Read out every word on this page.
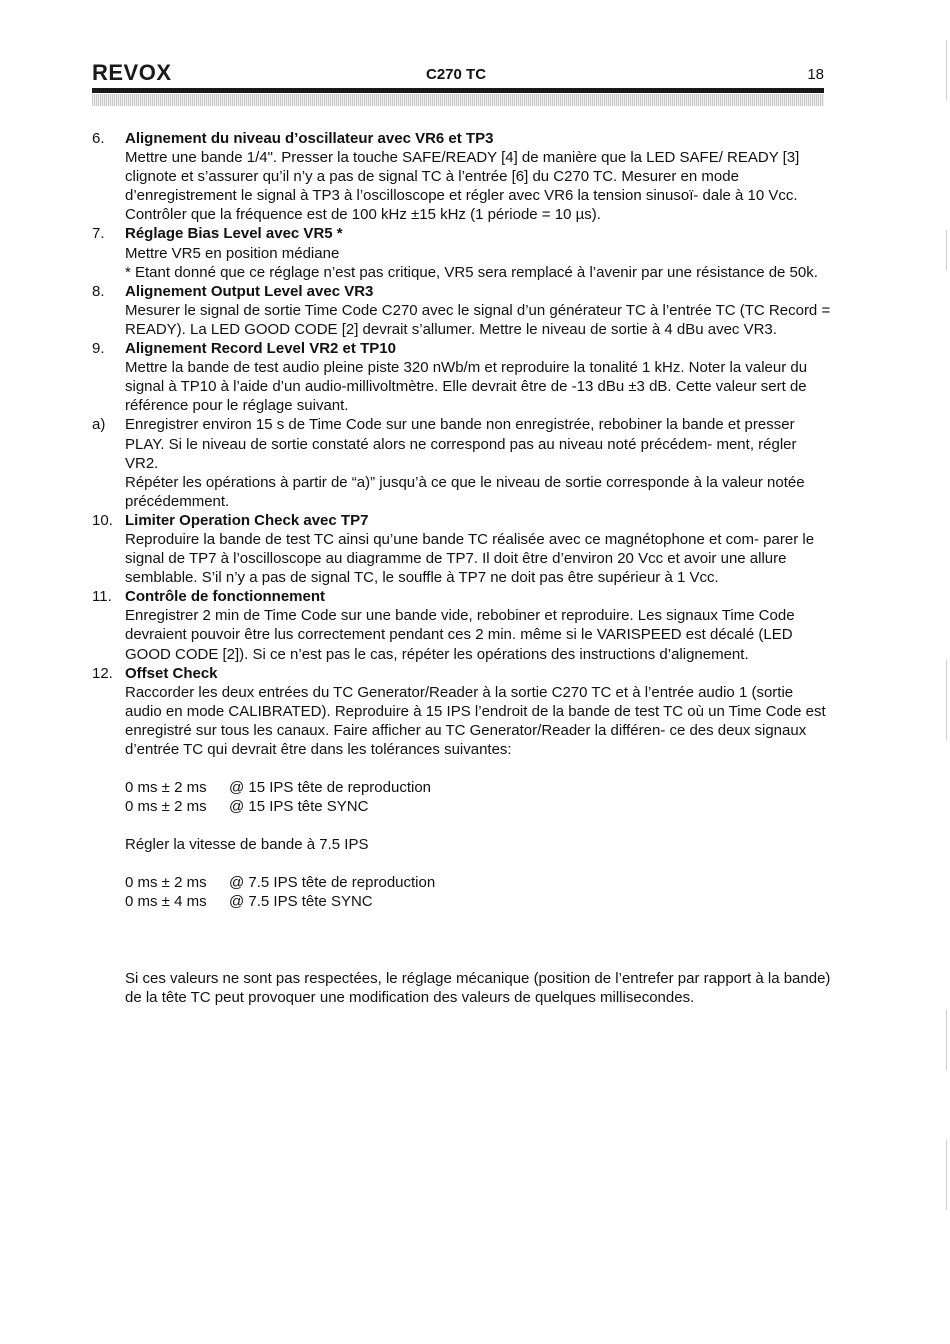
REVOX	C270 TC	18
6.	Alignement du niveau d’oscillateur avec VR6 et TP3

Mettre une bande 1/4". Presser la touche SAFE/READY [4] de manière que la LED SAFE/ READY [3] clignote et s’assurer qu’il n’y a pas de signal TC à l’entrée [6] du C270 TC. Mesurer en mode d’enregistrement le signal à TP3 à l’oscilloscope et régler avec VR6 la tension sinusoï- dale à 10 Vcc. Contrôler que la fréquence est de 100 kHz ±15 kHz (1 période = 10 µs).

7.	Réglage Bias Level avec VR5 *

Mettre VR5 en position médiane

* Etant donné que ce réglage n’est pas critique, VR5 sera remplacé à l’avenir par une résistance de 50k.

8.	Alignement Output Level avec VR3

Mesurer le signal de sortie Time Code C270 avec le signal d’un générateur TC à l’entrée TC (TC Record = READY). La LED GOOD CODE [2] devrait s’allumer. Mettre le niveau de sortie à 4 dBu avec VR3.

9.	Alignement Record Level VR2 et TP10

Mettre la bande de test audio pleine piste 320 nWb/m et reproduire la tonalité 1 kHz. Noter la valeur du signal à TP10 à l’aide d’un audio-millivoltmètre. Elle devrait être de -13 dBu ±3 dB. Cette valeur sert de référence pour le réglage suivant.

a)	Enregistrer environ 15 s de Time Code sur une bande non enregistrée, rebobiner la bande et presser PLAY. Si le niveau de sortie constaté alors ne correspond pas au niveau noté précédem- ment, régler VR2.

Répéter les opérations à partir de “a)” jusqu’à ce que le niveau de sortie corresponde à la valeur notée précédemment.

10. Limiter Operation Check avec TP7

Reproduire la bande de test TC ainsi qu’une bande TC réalisée avec ce magnétophone et com- parer le signal de TP7 à l’oscilloscope au diagramme de TP7. Il doit être d’environ 20 Vcc et avoir une allure semblable. S’il n’y a pas de signal TC, le souffle à TP7 ne doit pas être supérieur à 1 Vcc.

11. Contrôle de fonctionnement

Enregistrer 2 min de Time Code sur une bande vide, rebobiner et reproduire. Les signaux Time Code devraient pouvoir être lus correctement pendant ces 2 min. même si le VARISPEED est décalé (LED GOOD CODE [2]). Si ce n’est pas le cas, répéter les opérations des instructions d’alignement.

12. Offset Check

Raccorder les deux entrées du TC Generator/Reader à la sortie C270 TC et à l’entrée audio 1 (sortie audio en mode CALIBRATED). Reproduire à 15 IPS l’endroit de la bande de test TC où un Time Code est enregistré sur tous les canaux. Faire afficher au TC Generator/Reader la différen- ce des deux signaux d’entrée TC qui devrait être dans les tolérances suivantes:

0 ms ± 2 ms	@ 15 IPS tête de reproduction
0 ms ± 2 ms	@ 15 IPS tête SYNC

Régler la vitesse de bande à 7.5 IPS

0 ms ± 2 ms	@ 7.5 IPS tête de reproduction
0 ms ± 4 ms	@ 7.5 IPS tête SYNC

Si ces valeurs ne sont pas respectées, le réglage mécanique (position de l’entrefer par rapport à la bande) de la tête TC peut provoquer une modification des valeurs de quelques millisecondes.
